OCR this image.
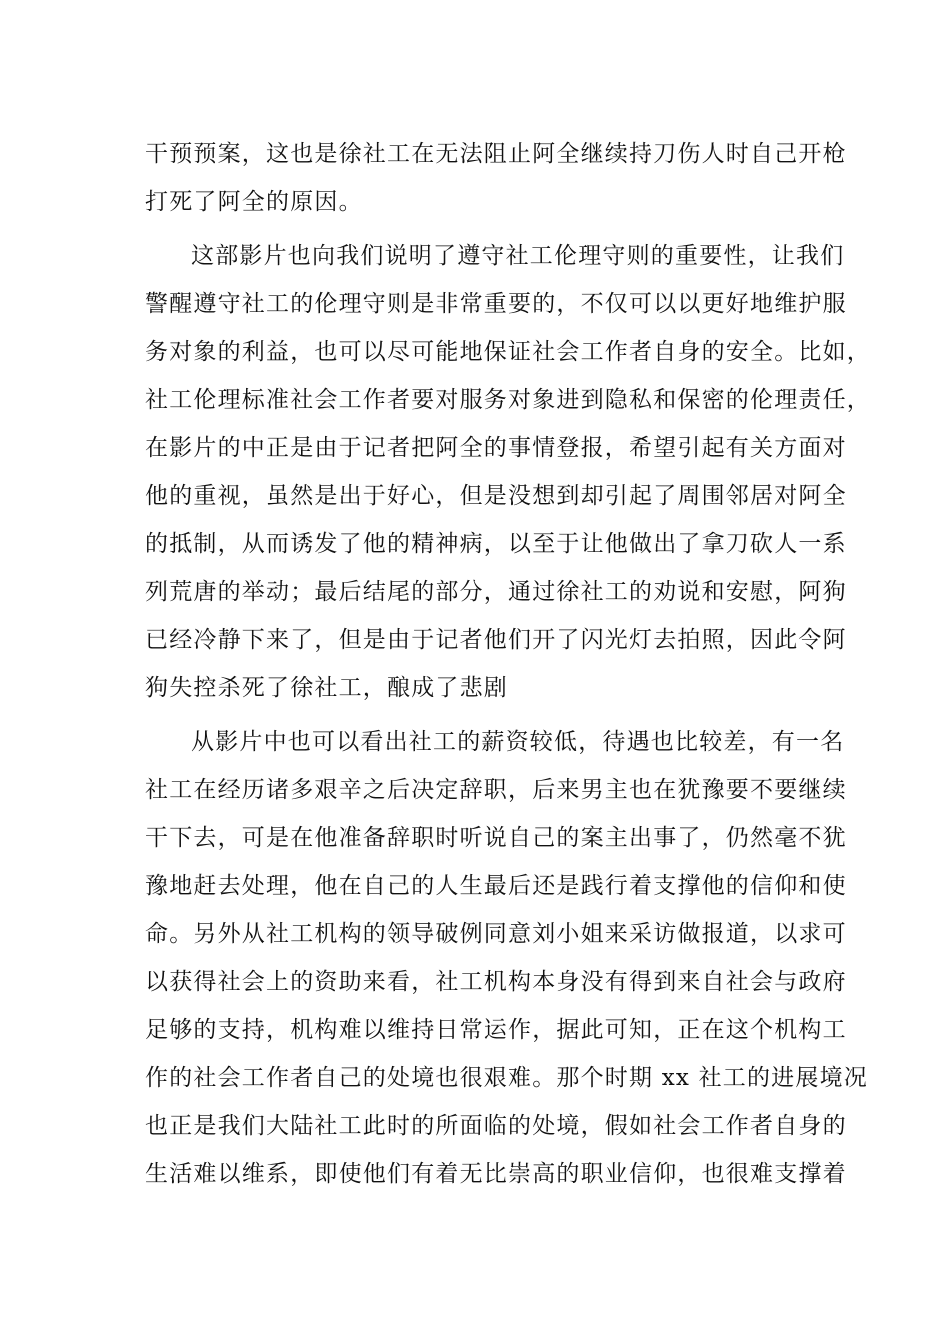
干预预案，这也是徐社工在无法阻止阿全继续持刀伤人时自己开枪
打死了阿全的原因。
这部影片也向我们说明了遵守社工伦理守则的重要性，让我们
警醒遵守社工的伦理守则是非常重要的，不仅可以以更好地维护服
务对象的利益，也可以尽可能地保证社会工作者自身的安全。比如，
社工伦理标准社会工作者要对服务对象进到隐私和保密的伦理责任，
在影片的中正是由于记者把阿全的事情登报，希望引起有关方面对
他的重视，虽然是出于好心，但是没想到却引起了周围邻居对阿全
的抵制，从而诱发了他的精神病，以至于让他做出了拿刀砍人一系
列荒唐的举动；最后结尾的部分，通过徐社工的劝说和安慰，阿狗
已经冷静下来了，但是由于记者他们开了闪光灯去拍照，因此令阿
狗失控杀死了徐社工，酿成了悲剧
从影片中也可以看出社工的薪资较低，待遇也比较差，有一名
社工在经历诸多艰辛之后决定辞职，后来男主也在犹豫要不要继续
干下去，可是在他准备辞职时听说自己的案主出事了，仍然毫不犹
豫地赶去处理，他在自己的人生最后还是践行着支撑他的信仰和使
命。另外从社工机构的领导破例同意刘小姐来采访做报道，以求可
以获得社会上的资助来看，社工机构本身没有得到来自社会与政府
足够的支持，机构难以维持日常运作，据此可知，正在这个机构工
作的社会工作者自己的处境也很艰难。那个时期 xx 社工的进展境况
也正是我们大陆社工此时的所面临的处境，假如社会工作者自身的
生活难以维系，即使他们有着无比崇高的职业信仰，也很难支撑着
